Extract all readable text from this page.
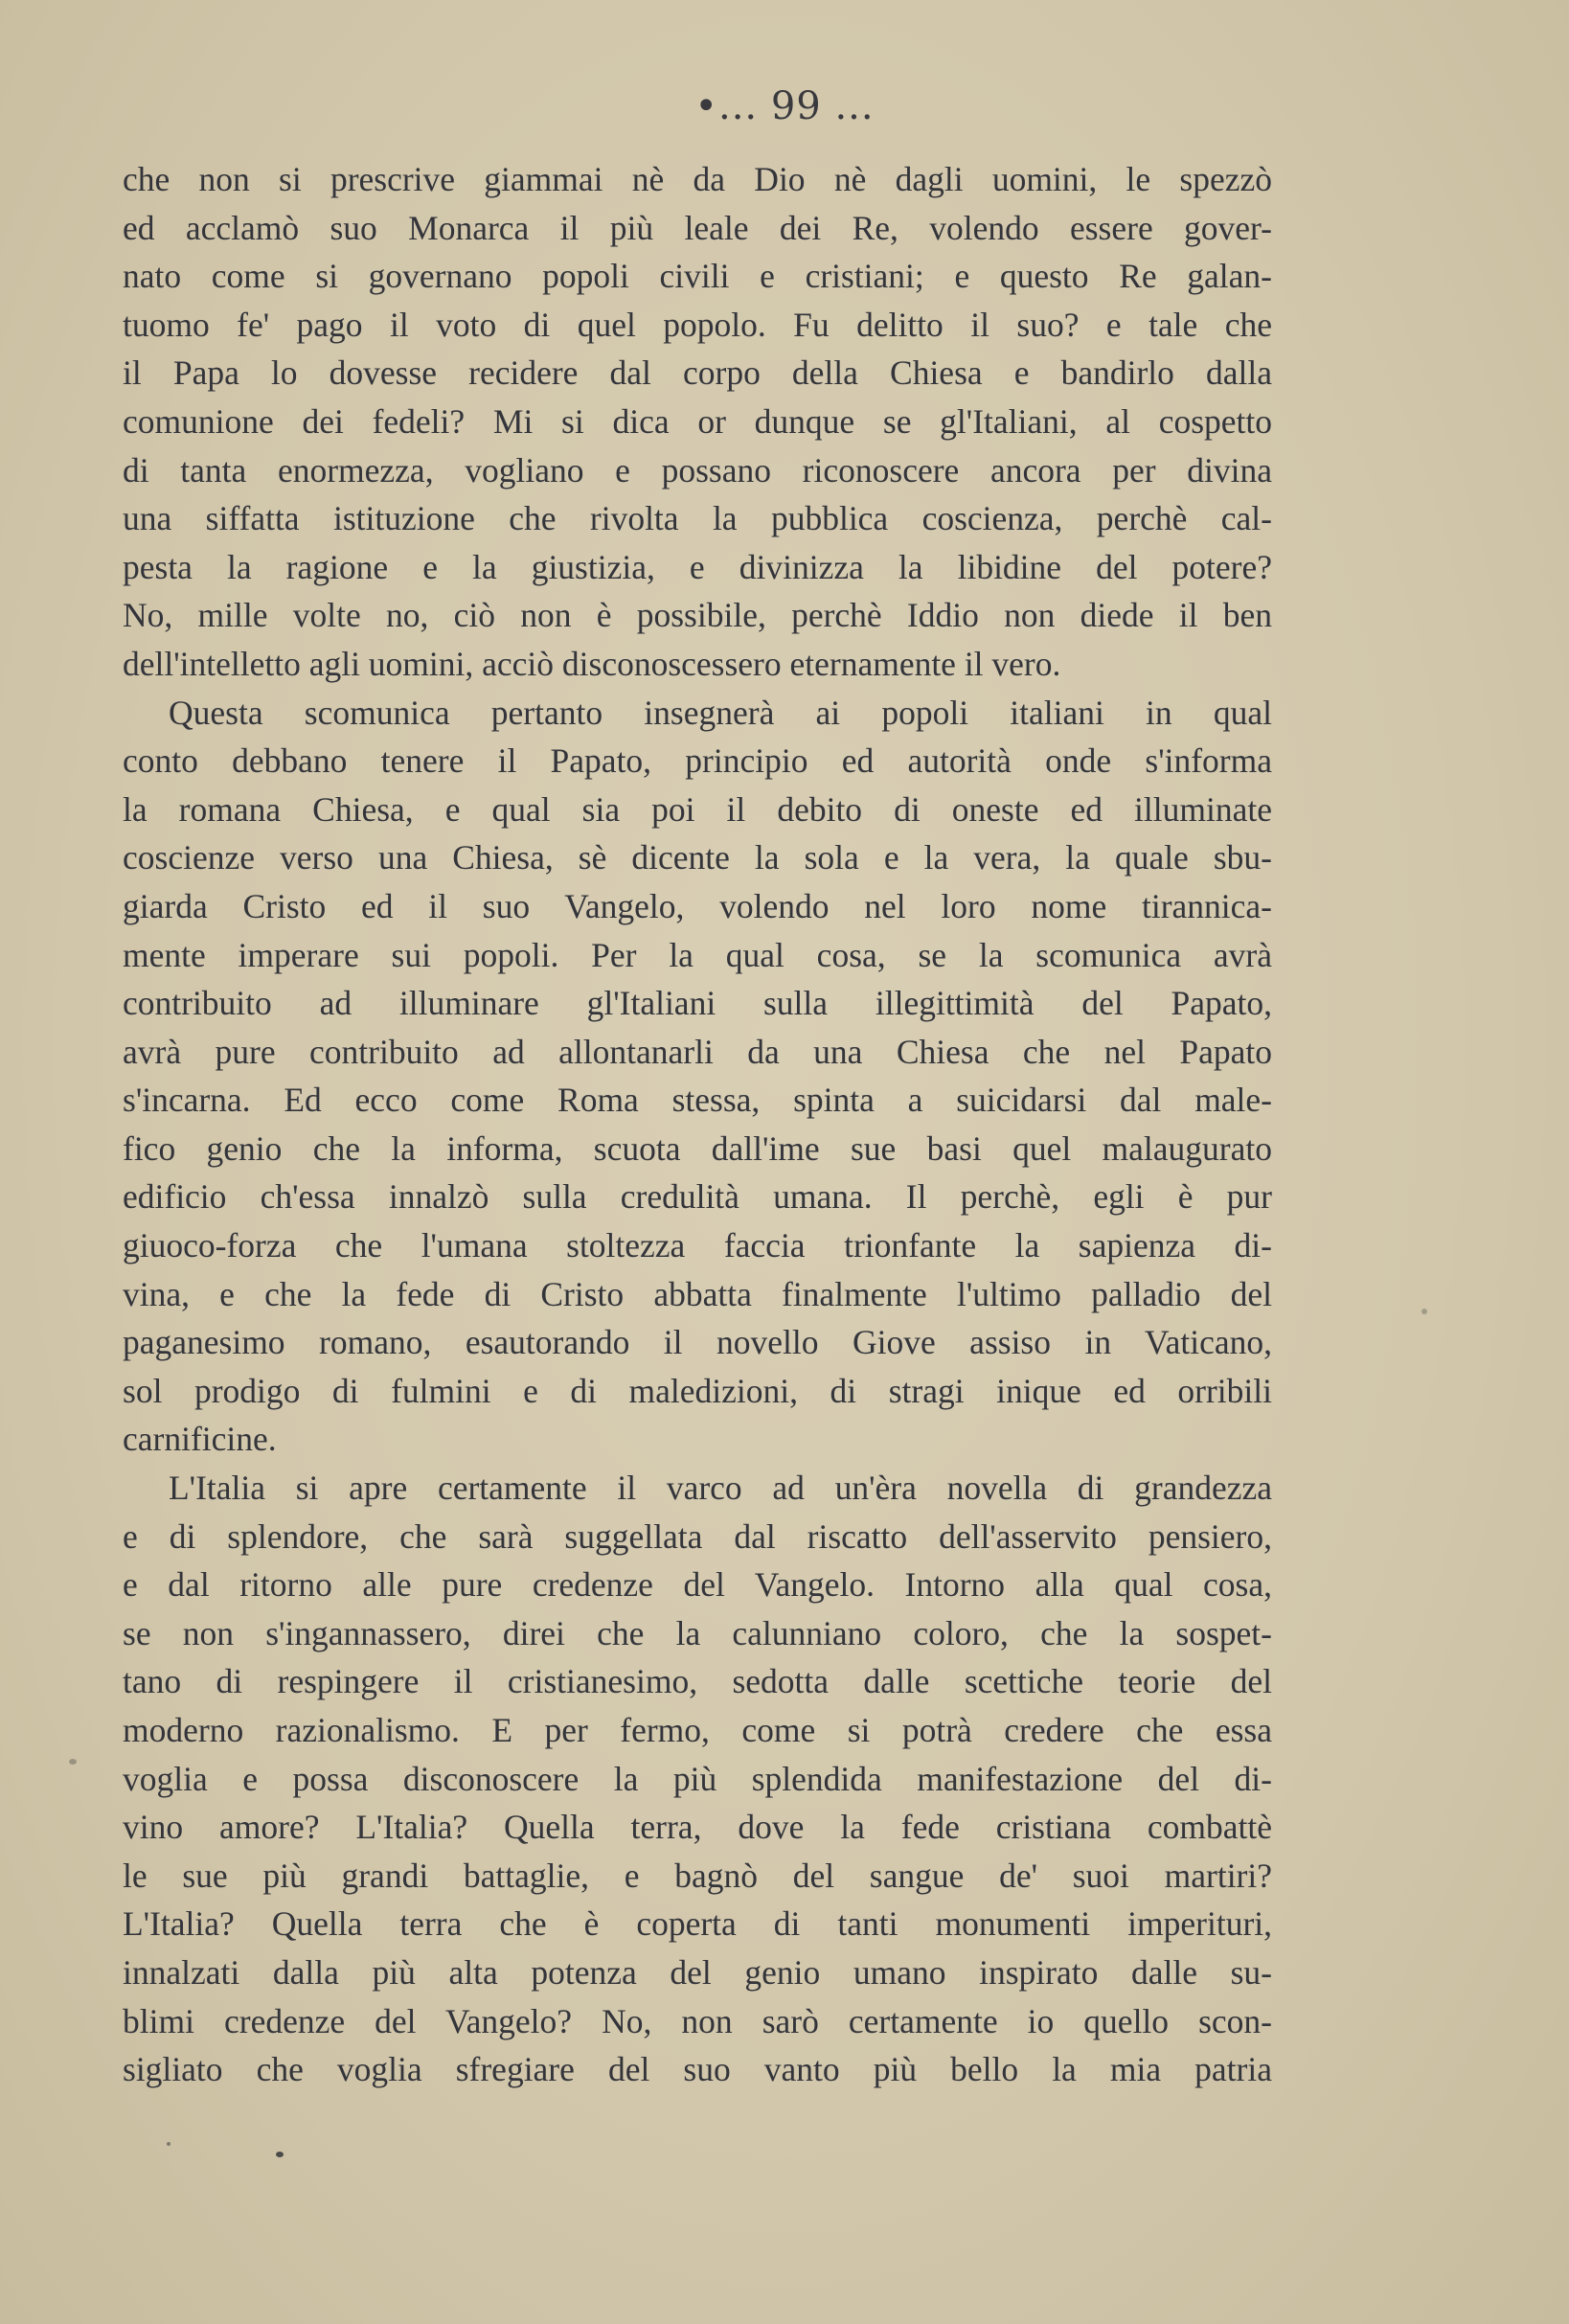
•... 99 ...
che non si prescrive giammai nè da Dio nè dagli uomini, le spezzò
ed acclamò suo Monarca il più leale dei Re, volendo essere gover-
nato come si governano popoli civili e cristiani; e questo Re galan-
tuomo fe' pago il voto di quel popolo. Fu delitto il suo? e tale che
il Papa lo dovesse recidere dal corpo della Chiesa e bandirlo dalla
comunione dei fedeli? Mi si dica or dunque se gl'Italiani, al cospetto
di tanta enormezza, vogliano e possano riconoscere ancora per divina
una siffatta istituzione che rivolta la pubblica coscienza, perchè cal-
pesta la ragione e la giustizia, e divinizza la libidine del potere?
No, mille volte no, ciò non è possibile, perchè Iddio non diede il ben
dell'intelletto agli uomini, acciò disconoscessero eternamente il vero.
Questa scomunica pertanto insegnerà ai popoli italiani in qual
conto debbano tenere il Papato, principio ed autorità onde s'informa
la romana Chiesa, e qual sia poi il debito di oneste ed illuminate
coscienze verso una Chiesa, sè dicente la sola e la vera, la quale sbu-
giarda Cristo ed il suo Vangelo, volendo nel loro nome tirannica-
mente imperare sui popoli. Per la qual cosa, se la scomunica avrà
contribuito ad illuminare gl'Italiani sulla illegittimità del Papato,
avrà pure contribuito ad allontanarli da una Chiesa che nel Papato
s'incarna. Ed ecco come Roma stessa, spinta a suicidarsi dal male-
fico genio che la informa, scuota dall'ime sue basi quel malaugurato
edificio ch'essa innalzò sulla credulità umana. Il perchè, egli è pur
giuoco-forza che l'umana stoltezza faccia trionfante la sapienza di-
vina, e che la fede di Cristo abbatta finalmente l'ultimo palladio del
paganesimo romano, esautorando il novello Giove assiso in Vaticano,
sol prodigo di fulmini e di maledizioni, di stragi inique ed orribili
carnificine.
L'Italia si apre certamente il varco ad un'èra novella di grandezza
e di splendore, che sarà suggellata dal riscatto dell'asservito pensiero,
e dal ritorno alle pure credenze del Vangelo. Intorno alla qual cosa,
se non s'ingannassero, direi che la calunniano coloro, che la sospet-
tano di respingere il cristianesimo, sedotta dalle scettiche teorie del
moderno razionalismo. E per fermo, come si potrà credere che essa
voglia e possa disconoscere la più splendida manifestazione del di-
vino amore? L'Italia? Quella terra, dove la fede cristiana combattè
le sue più grandi battaglie, e bagnò del sangue de' suoi martiri?
L'Italia? Quella terra che è coperta di tanti monumenti imperituri,
innalzati dalla più alta potenza del genio umano inspirato dalle su-
blimi credenze del Vangelo? No, non sarò certamente io quello scon-
sigliato che voglia sfregiare del suo vanto più bello la mia patria
